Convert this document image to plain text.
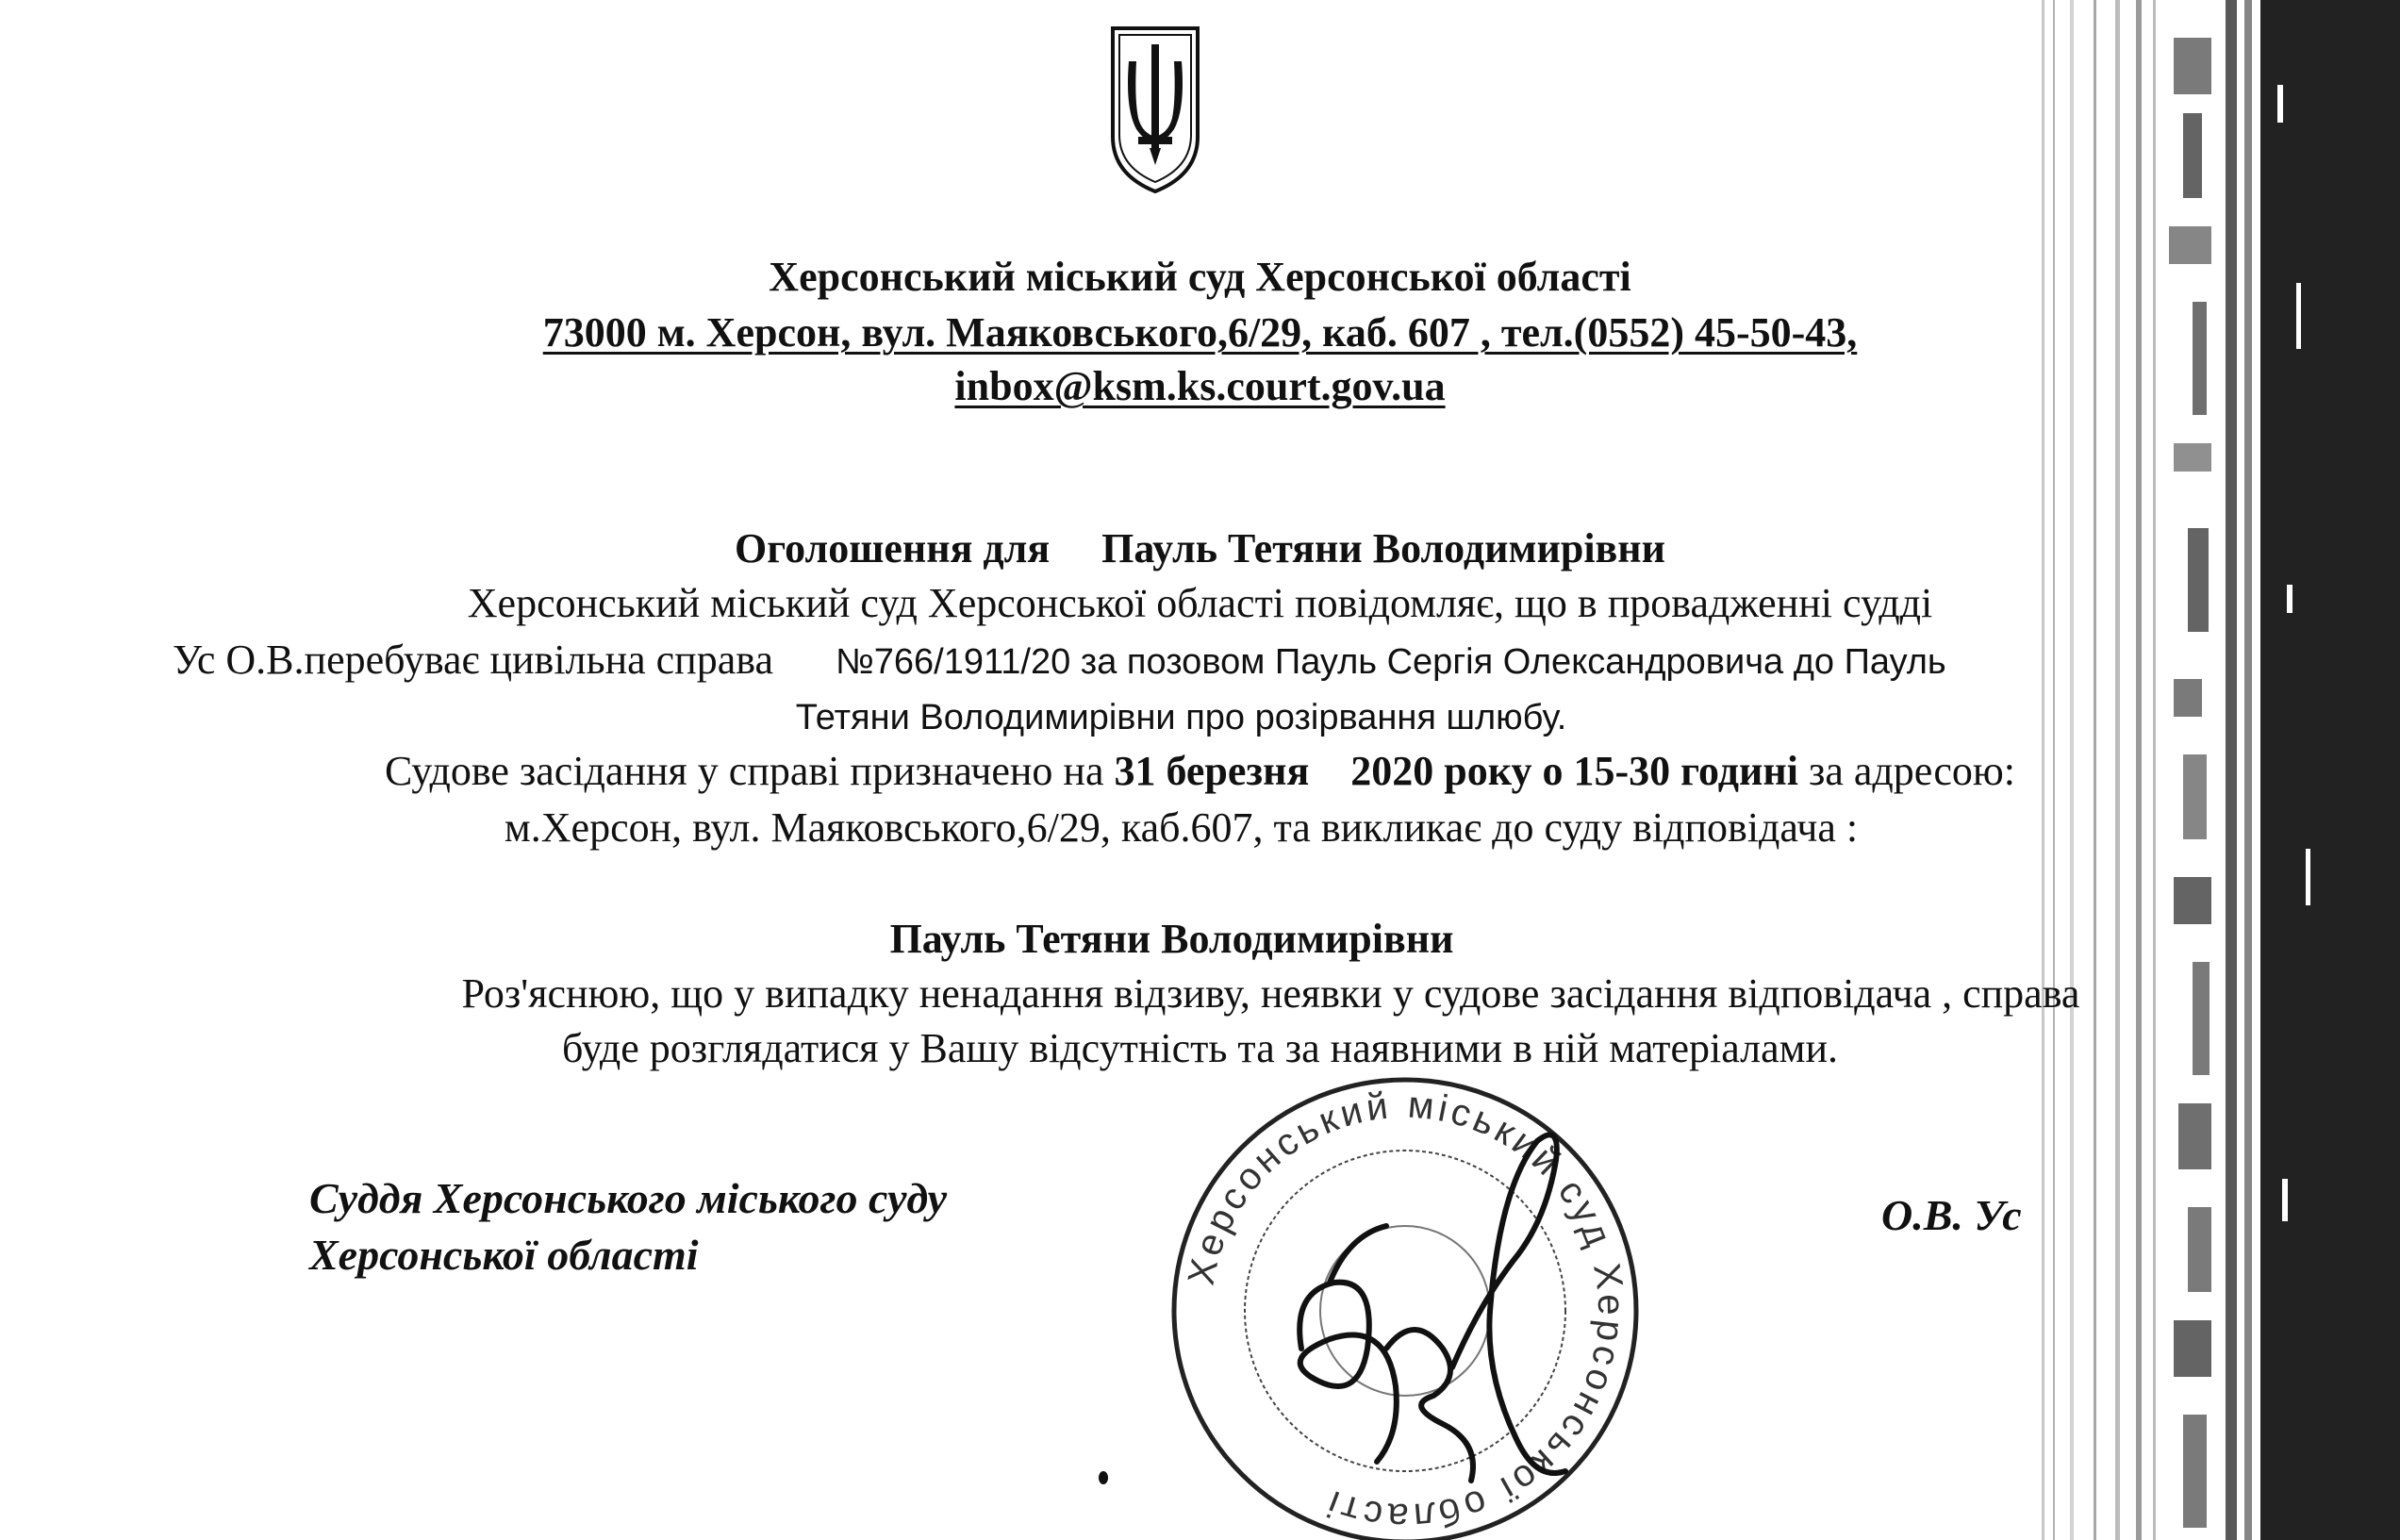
Херсонський міський суд Херсонської області
73000 м. Херсон, вул. Маяковського,6/29, каб. 607 , тел.(0552) 45-50-43,
inbox@ksm.ks.court.gov.ua
Оголошення для Пауль Тетяни Володимирівни
Херсонський міський суд Херсонської області повідомляє, що в провадженні судді
Ус О.В.перебуває цивільна справа №766/1911/20 за позовом Пауль Сергія Олександровича до Пауль
Тетяни Володимирівни про розірвання шлюбу.
Судове засідання у справі призначено на 31 березня 2020 року о 15-30 годині за адресою:
м.Херсон, вул. Маяковського,6/29, каб.607, та викликає до суду відповідача :
Пауль Тетяни Володимирівни
Роз'яснюю, що у випадку ненадання відзиву, неявки у судове засідання відповідача , справа
буде розглядатися у Вашу відсутність та за наявними в ній матеріалами.
Херсонський міський суд Херсонської області
Суддя Херсонського міського суду
Херсонської області
О.В. Ус
